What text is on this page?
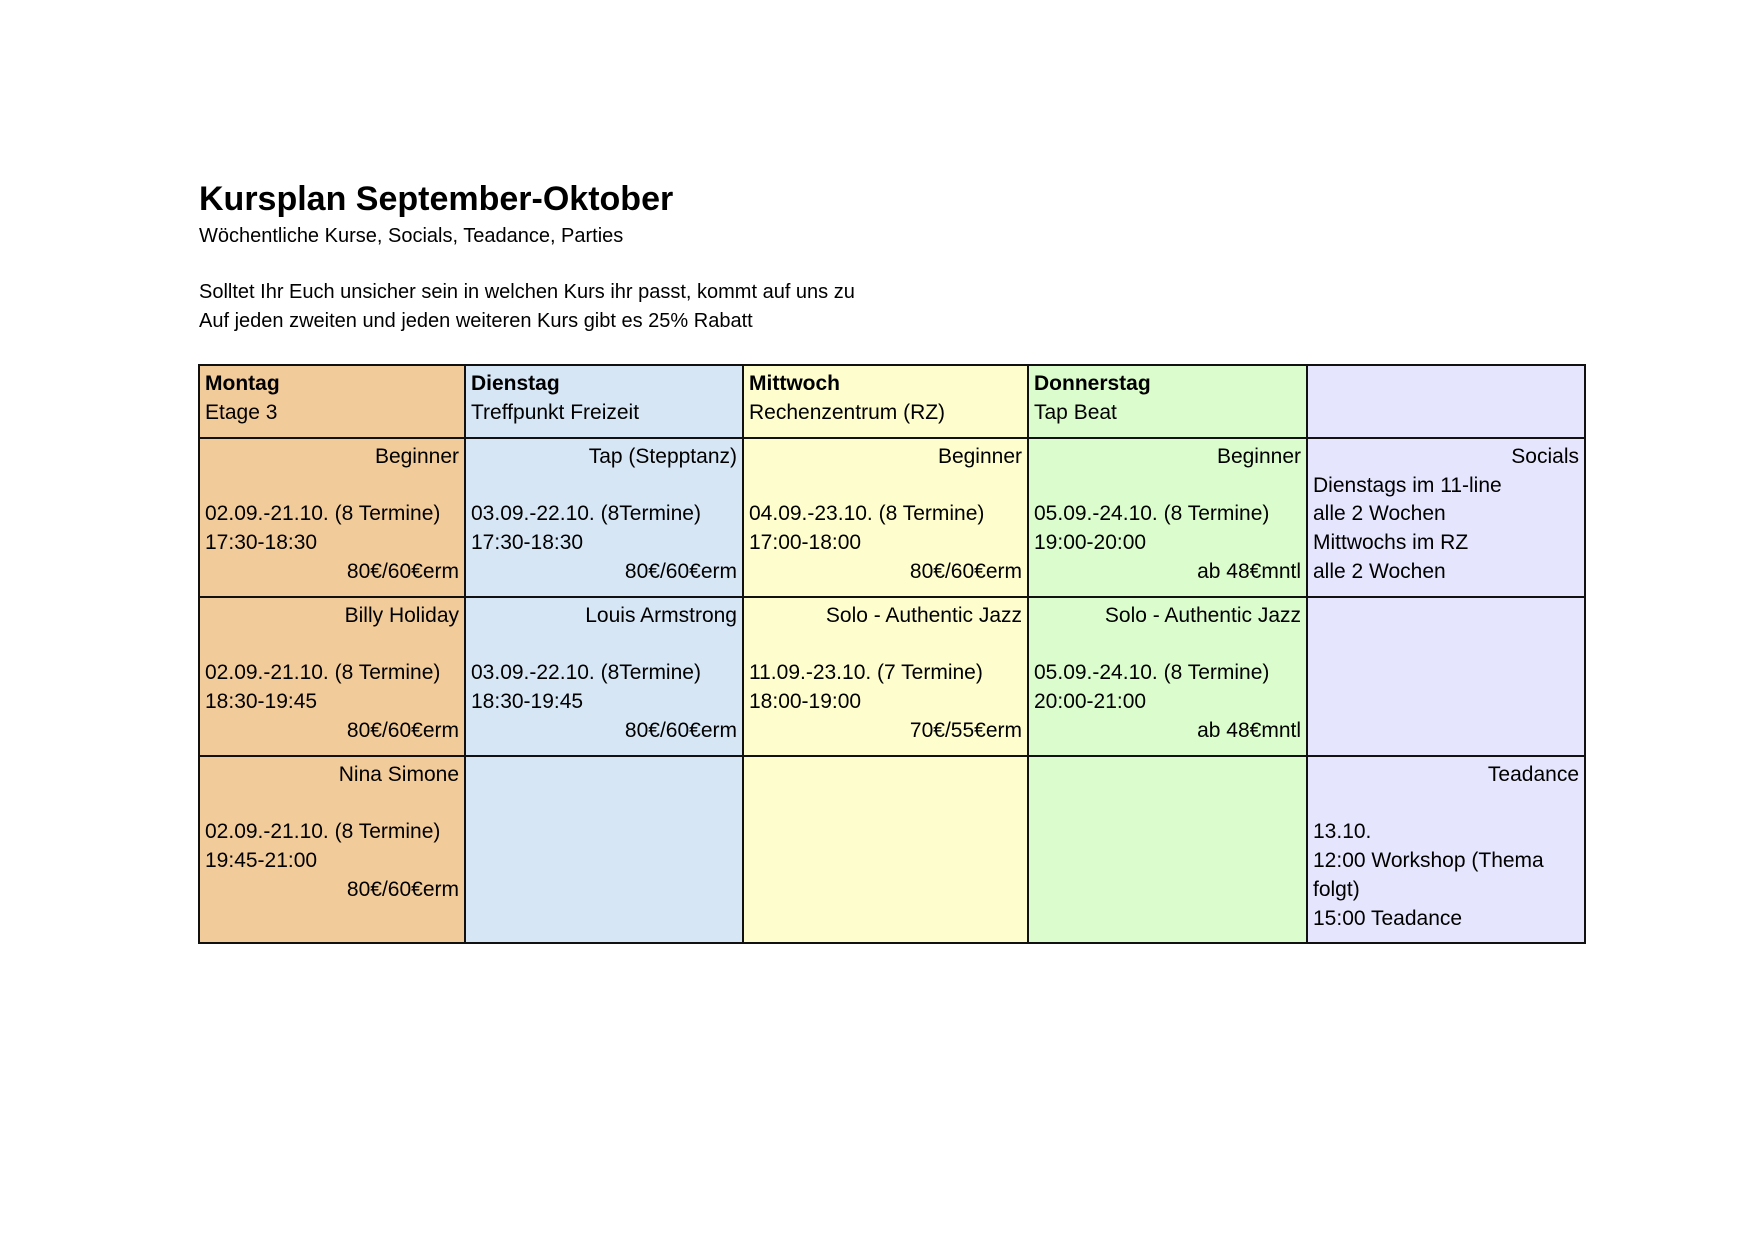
Kursplan September-Oktober

Wöchentliche Kurse, Socials, Teadance, Parties

Solltet Ihr Euch unsicher sein in welchen Kurs ihr passt, kommt auf uns zu

Auf jeden zweiten und jeden weiteren Kurs gibt es 25% Rabatt

Montag
Etage 3	Dienstag
Treffpunkt Freizeit	Mittwoch
Rechenzentrum (RZ)	Donnerstag
Tap Beat	

Beginner
02.09.-21.10. (8 Termine)
17:30-18:30
80€/60€erm	Tap (Stepptanz)
03.09.-22.10. (8Termine)
17:30-18:30
80€/60€erm	Beginner
04.09.-23.10. (8 Termine)
17:00-18:00
80€/60€erm	Beginner
05.09.-24.10. (8 Termine)
19:00-20:00
ab 48€mntl	Socials
Dienstags im 11-line
alle 2 Wochen
Mittwochs im RZ
alle 2 Wochen

Billy Holiday
02.09.-21.10. (8 Termine)
18:30-19:45
80€/60€erm	Louis Armstrong
03.09.-22.10. (8Termine)
18:30-19:45
80€/60€erm	Solo - Authentic Jazz
11.09.-23.10. (7 Termine)
18:00-19:00
70€/55€erm	Solo - Authentic Jazz
05.09.-24.10. (8 Termine)
20:00-21:00
ab 48€mntl	

Nina Simone
02.09.-21.10. (8 Termine)
19:45-21:00
80€/60€erm				Teadance
13.10.
12:00 Workshop (Thema folgt)
15:00 Teadance
